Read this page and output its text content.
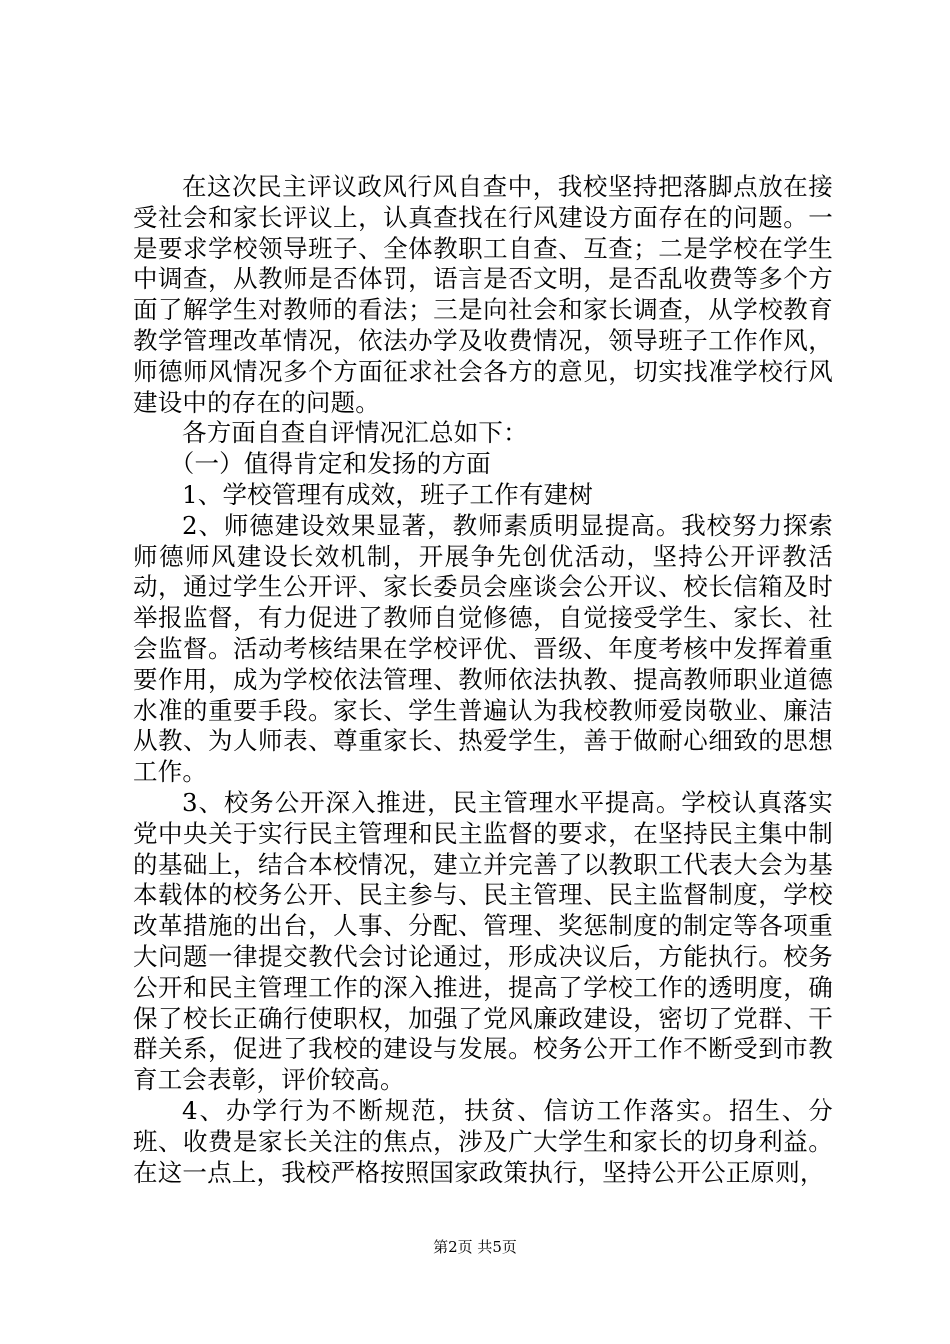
在这次民主评议政风行风自查中，我校坚持把落脚点放在接受社会和家长评议上，认真查找在行风建设方面存在的问题。一是要求学校领导班子、全体教职工自查、互查；二是学校在学生中调查，从教师是否体罚，语言是否文明，是否乱收费等多个方面了解学生对教师的看法；三是向社会和家长调查，从学校教育教学管理改革情况，依法办学及收费情况，领导班子工作作风，师德师风情况多个方面征求社会各方的意见，切实找准学校行风建设中的存在的问题。

各方面自查自评情况汇总如下：

（一）值得肯定和发扬的方面

1、学校管理有成效，班子工作有建树

2、师德建设效果显著，教师素质明显提高。我校努力探索师德师风建设长效机制，开展争先创优活动，坚持公开评教活动，通过学生公开评、家长委员会座谈会公开议、校长信箱及时举报监督，有力促进了教师自觉修德，自觉接受学生、家长、社会监督。活动考核结果在学校评优、晋级、年度考核中发挥着重要作用，成为学校依法管理、教师依法执教、提高教师职业道德水准的重要手段。家长、学生普遍认为我校教师爱岗敬业、廉洁从教、为人师表、尊重家长、热爱学生，善于做耐心细致的思想工作。

3、校务公开深入推进，民主管理水平提高。学校认真落实党中央关于实行民主管理和民主监督的要求，在坚持民主集中制的基础上，结合本校情况，建立并完善了以教职工代表大会为基本载体的校务公开、民主参与、民主管理、民主监督制度，学校改革措施的出台，人事、分配、管理、奖惩制度的制定等各项重大问题一律提交教代会讨论通过，形成决议后，方能执行。校务公开和民主管理工作的深入推进，提高了学校工作的透明度，确保了校长正确行使职权，加强了党风廉政建设，密切了党群、干群关系，促进了我校的建设与发展。校务公开工作不断受到市教育工会表彰，评价较高。

4、办学行为不断规范，扶贫、信访工作落实。招生、分班、收费是家长关注的焦点，涉及广大学生和家长的切身利益。在这一点上，我校严格按照国家政策执行，坚持公开公正原则，

第2页 共5页
